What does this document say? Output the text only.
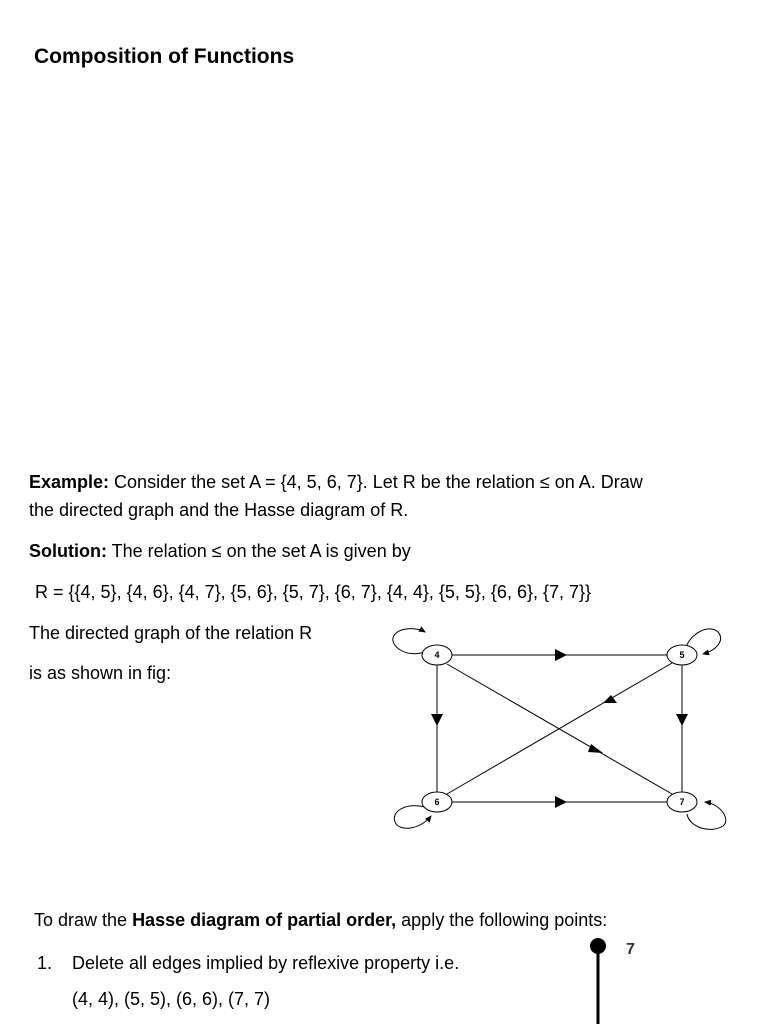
Composition of Functions
Example: Consider the set A = {4, 5, 6, 7}. Let R be the relation ≤ on A. Draw
the directed graph and the Hasse diagram of R.
Solution: The relation ≤ on the set A is given by
R = {{4, 5}, {4, 6}, {4, 7}, {5, 6}, {5, 7}, {6, 7}, {4, 4}, {5, 5}, {6, 6}, {7, 7}}
The directed graph of the relation R
is as shown in fig:
4	5
6	7
To draw the Hasse diagram of partial order, apply the following points:
1. Delete all edges implied by reflexive property i.e.
(4, 4), (5, 5), (6, 6), (7, 7)
7
